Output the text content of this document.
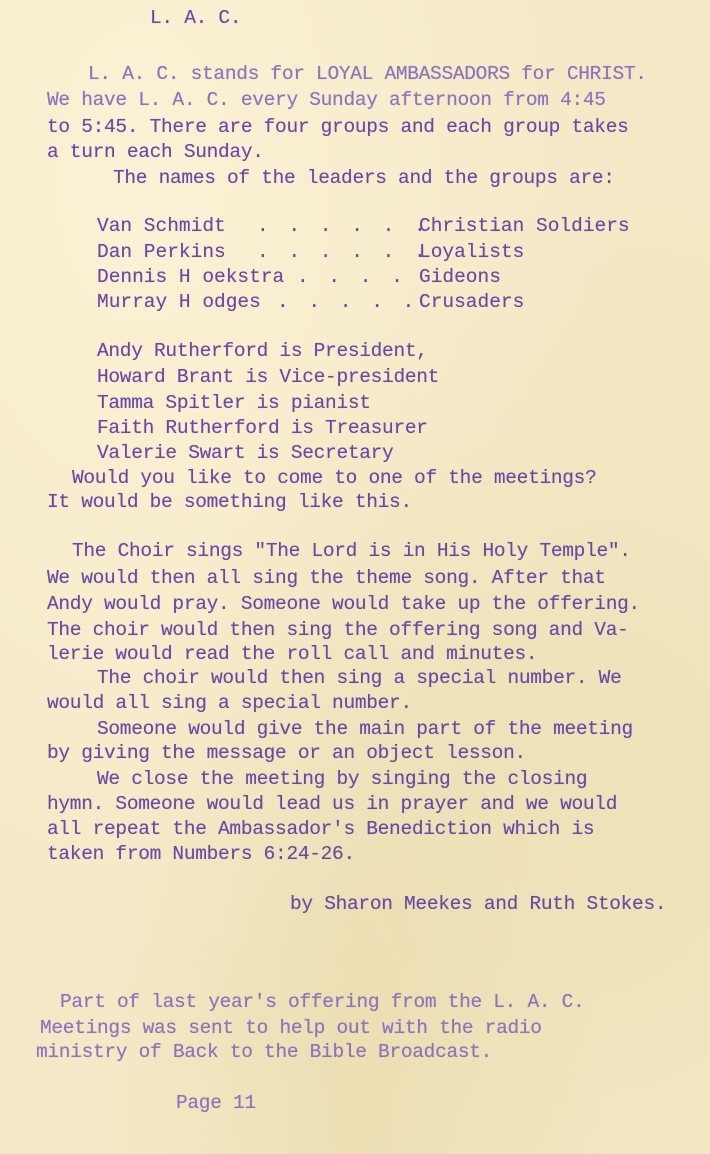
L. A. C.
L. A. C. stands for LOYAL AMBASSADORS for CHRIST.
We have L. A. C. every Sunday afternoon from 4:45
to 5:45. There are four groups and each group takes
a turn each Sunday.
The names of the leaders and the groups are:

Van Schmidt

. . . . . .

Christian Soldiers

Dan Perkins

. . . . . .

Loyalists

Dennis H oekstra

. . . .

Gideons

Murray H odges

. . . . .

Crusaders

Andy Rutherford is President,
Howard Brant is Vice-president
Tamma Spitler is pianist
Faith Rutherford is Treasurer
Valerie Swart is Secretary
Would you like to come to one of the meetings?
It would be something like this.
The Choir sings "The Lord is in His Holy Temple".
We would then all sing the theme song. After that
Andy would pray. Someone would take up the offering.
The choir would then sing the offering song and Va-
lerie would read the roll call and minutes.
The choir would then sing a special number. We
would all sing a special number.
Someone would give the main part of the meeting
by giving the message or an object lesson.
We close the meeting by singing the closing
hymn. Someone would lead us in prayer and we would
all repeat the Ambassador's Benediction which is
taken from Numbers 6:24-26.
by Sharon Meekes and Ruth Stokes.
Part of last year's offering from the L. A. C.
Meetings was sent to help out with the radio
ministry of Back to the Bible Broadcast.
Page 11
